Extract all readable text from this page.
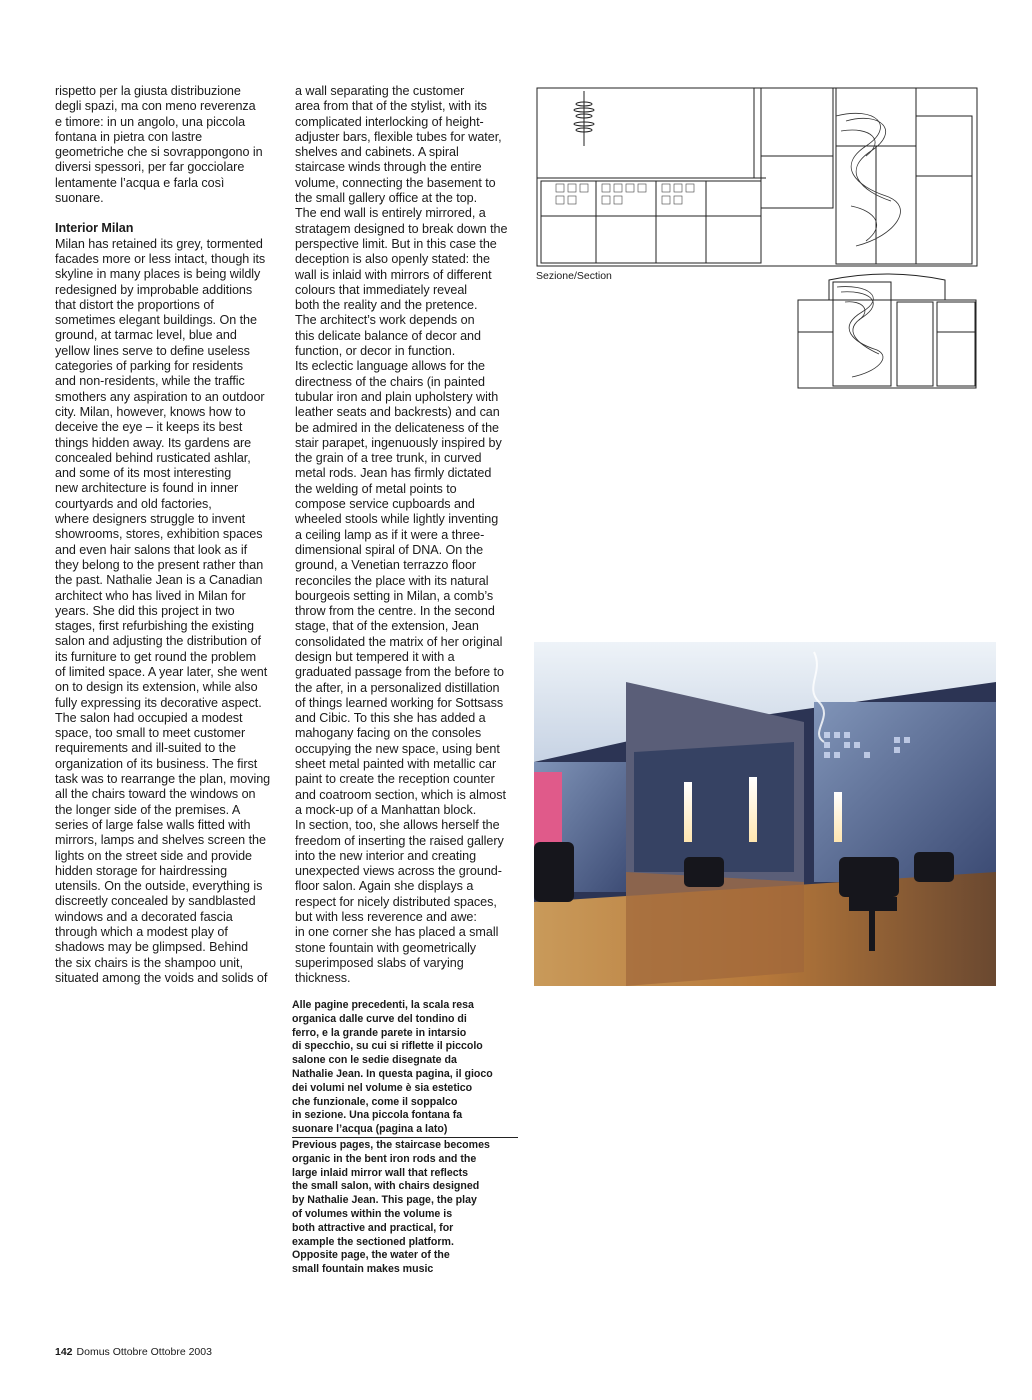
rispetto per la giusta distribuzione
degli spazi, ma con meno reverenza
e timore: in un angolo, una piccola
fontana in pietra con lastre
geometriche che si sovrappongono in
diversi spessori, per far gocciolare
lentamente l’acqua e farla così
suonare.

Interior Milan

Milan has retained its grey, tormented
facades more or less intact, though its
skyline in many places is being wildly
redesigned by improbable additions
that distort the proportions of
sometimes elegant buildings. On the
ground, at tarmac level, blue and
yellow lines serve to define useless
categories of parking for residents
and non-residents, while the traffic
smothers any aspiration to an outdoor
city. Milan, however, knows how to
deceive the eye – it keeps its best
things hidden away. Its gardens are
concealed behind rusticated ashlar,
and some of its most interesting
new architecture is found in inner
courtyards and old factories,
where designers struggle to invent
showrooms, stores, exhibition spaces
and even hair salons that look as if
they belong to the present rather than
the past. Nathalie Jean is a Canadian
architect who has lived in Milan for
years. She did this project in two
stages, first refurbishing the existing
salon and adjusting the distribution of
its furniture to get round the problem
of limited space. A year later, she went
on to design its extension, while also
fully expressing its decorative aspect.
The salon had occupied a modest
space, too small to meet customer
requirements and ill-suited to the
organization of its business. The first
task was to rearrange the plan, moving
all the chairs toward the windows on
the longer side of the premises. A
series of large false walls fitted with
mirrors, lamps and shelves screen the
lights on the street side and provide
hidden storage for hairdressing
utensils. On the outside, everything is
discreetly concealed by sandblasted
windows and a decorated fascia
through which a modest play of
shadows may be glimpsed. Behind
the six chairs is the shampoo unit,
situated among the voids and solids of

a wall separating the customer
area from that of the stylist, with its
complicated interlocking of height-
adjuster bars, flexible tubes for water,
shelves and cabinets. A spiral
staircase winds through the entire
volume, connecting the basement to
the small gallery office at the top.
The end wall is entirely mirrored, a
stratagem designed to break down the
perspective limit. But in this case the
deception is also openly stated: the
wall is inlaid with mirrors of different
colours that immediately reveal
both the reality and the pretence.
The architect’s work depends on
this delicate balance of decor and
function, or decor in function.
Its eclectic language allows for the
directness of the chairs (in painted
tubular iron and plain upholstery with
leather seats and backrests) and can
be admired in the delicateness of the
stair parapet, ingenuously inspired by
the grain of a tree trunk, in curved
metal rods. Jean has firmly dictated
the welding of metal points to
compose service cupboards and
wheeled stools while lightly inventing
a ceiling lamp as if it were a three-
dimensional spiral of DNA. On the
ground, a Venetian terrazzo floor
reconciles the place with its natural
bourgeois setting in Milan, a comb’s
throw from the centre. In the second
stage, that of the extension, Jean
consolidated the matrix of her original
design but tempered it with a
graduated passage from the before to
the after, in a personalized distillation
of things learned working for Sottsass
and Cibic. To this she has added a
mahogany facing on the consoles
occupying the new space, using bent
sheet metal painted with metallic car
paint to create the reception counter
and coatroom section, which is almost
a mock-up of a Manhattan block.
In section, too, she allows herself the
freedom of inserting the raised gallery
into the new interior and creating
unexpected views across the ground-
floor salon. Again she displays a
respect for nicely distributed spaces,
but with less reverence and awe:
in one corner she has placed a small
stone fountain with geometrically
superimposed slabs of varying
thickness.

Alle pagine precedenti, la scala resa
organica dalle curve del tondino di
ferro, e la grande parete in intarsio
di specchio, su cui si riflette il piccolo
salone con le sedie disegnate da
Nathalie Jean. In questa pagina, il gioco
dei volumi nel volume è sia estetico
che funzionale, come il soppalco
in sezione. Una piccola fontana fa
suonare l’acqua (pagina a lato)
Previous pages, the staircase becomes
organic in the bent iron rods and the
large inlaid mirror wall that reflects
the small salon, with chairs designed
by Nathalie Jean. This page, the play
of volumes within the volume is
both attractive and practical, for
example the sectioned platform.
Opposite page, the water of the
small fountain makes music
Sezione/Section
142 Domus Ottobre Ottobre 2003
